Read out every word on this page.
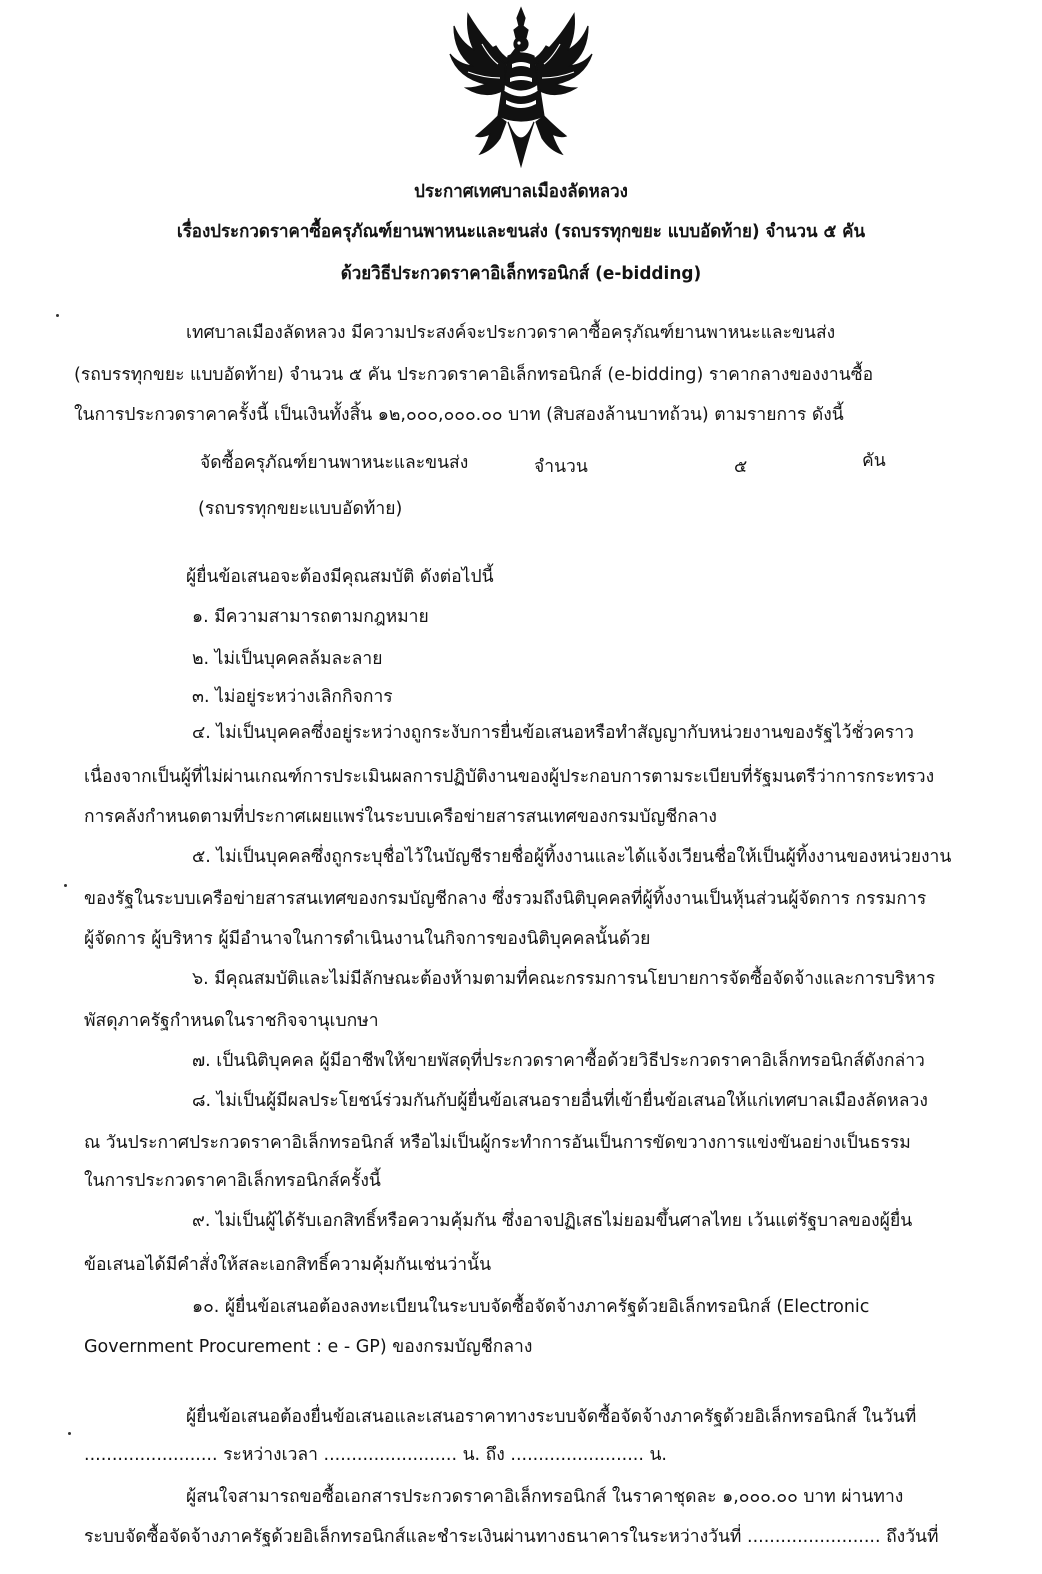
ประกาศเทศบาลเมืองลัดหลวง
เรื่องประกวดราคาซื้อครุภัณฑ์ยานพาหนะและขนส่ง (รถบรรทุกขยะ แบบอัดท้าย) จำนวน ๕ คัน
ด้วยวิธีประกวดราคาอิเล็กทรอนิกส์ (e-bidding)
เทศบาลเมืองลัดหลวง มีความประสงค์จะประกวดราคาซื้อครุภัณฑ์ยานพาหนะและขนส่ง
(รถบรรทุกขยะ แบบอัดท้าย) จำนวน ๕ คัน ประกวดราคาอิเล็กทรอนิกส์ (e-bidding) ราคากลางของงานซื้อ
ในการประกวดราคาครั้งนี้ เป็นเงินทั้งสิ้น ๑๒,๐๐๐,๐๐๐.๐๐ บาท (สิบสองล้านบาทถ้วน) ตามรายการ ดังนี้
จัดซื้อครุภัณฑ์ยานพาหนะและขนส่ง	จำนวน	๕	คัน
(รถบรรทุกขยะแบบอัดท้าย)
ผู้ยื่นข้อเสนอจะต้องมีคุณสมบัติ ดังต่อไปนี้
๑. มีความสามารถตามกฎหมาย
๒. ไม่เป็นบุคคลล้มละลาย
๓. ไม่อยู่ระหว่างเลิกกิจการ
๔. ไม่เป็นบุคคลซึ่งอยู่ระหว่างถูกระงับการยื่นข้อเสนอหรือทำสัญญากับหน่วยงานของรัฐไว้ชั่วคราว
เนื่องจากเป็นผู้ที่ไม่ผ่านเกณฑ์การประเมินผลการปฏิบัติงานของผู้ประกอบการตามระเบียบที่รัฐมนตรีว่าการกระทรวง
การคลังกำหนดตามที่ประกาศเผยแพร่ในระบบเครือข่ายสารสนเทศของกรมบัญชีกลาง
๕. ไม่เป็นบุคคลซึ่งถูกระบุชื่อไว้ในบัญชีรายชื่อผู้ทิ้งงานและได้แจ้งเวียนชื่อให้เป็นผู้ทิ้งงานของหน่วยงาน
ของรัฐในระบบเครือข่ายสารสนเทศของกรมบัญชีกลาง ซึ่งรวมถึงนิติบุคคลที่ผู้ทิ้งงานเป็นหุ้นส่วนผู้จัดการ กรรมการ
ผู้จัดการ ผู้บริหาร ผู้มีอำนาจในการดำเนินงานในกิจการของนิติบุคคลนั้นด้วย
๖. มีคุณสมบัติและไม่มีลักษณะต้องห้ามตามที่คณะกรรมการนโยบายการจัดซื้อจัดจ้างและการบริหาร
พัสดุภาครัฐกำหนดในราชกิจจานุเบกษา
๗. เป็นนิติบุคคล ผู้มีอาชีพให้ขายพัสดุที่ประกวดราคาซื้อด้วยวิธีประกวดราคาอิเล็กทรอนิกส์ดังกล่าว
๘. ไม่เป็นผู้มีผลประโยชน์ร่วมกันกับผู้ยื่นข้อเสนอรายอื่นที่เข้ายื่นข้อเสนอให้แก่เทศบาลเมืองลัดหลวง
ณ วันประกาศประกวดราคาอิเล็กทรอนิกส์ หรือไม่เป็นผู้กระทำการอันเป็นการขัดขวางการแข่งขันอย่างเป็นธรรม
ในการประกวดราคาอิเล็กทรอนิกส์ครั้งนี้
๙. ไม่เป็นผู้ได้รับเอกสิทธิ์หรือความคุ้มกัน ซึ่งอาจปฏิเสธไม่ยอมขึ้นศาลไทย เว้นแต่รัฐบาลของผู้ยื่น
ข้อเสนอได้มีคำสั่งให้สละเอกสิทธิ์ความคุ้มกันเช่นว่านั้น
๑๐. ผู้ยื่นข้อเสนอต้องลงทะเบียนในระบบจัดซื้อจัดจ้างภาครัฐด้วยอิเล็กทรอนิกส์ (Electronic
Government Procurement : e - GP) ของกรมบัญชีกลาง
ผู้ยื่นข้อเสนอต้องยื่นข้อเสนอและเสนอราคาทางระบบจัดซื้อจัดจ้างภาครัฐด้วยอิเล็กทรอนิกส์ ในวันที่
........................ ระหว่างเวลา ........................ น. ถึง ........................ น.
ผู้สนใจสามารถขอซื้อเอกสารประกวดราคาอิเล็กทรอนิกส์ ในราคาชุดละ ๑,๐๐๐.๐๐ บาท ผ่านทาง
ระบบจัดซื้อจัดจ้างภาครัฐด้วยอิเล็กทรอนิกส์และชำระเงินผ่านทางธนาคารในระหว่างวันที่ ........................ ถึงวันที่
